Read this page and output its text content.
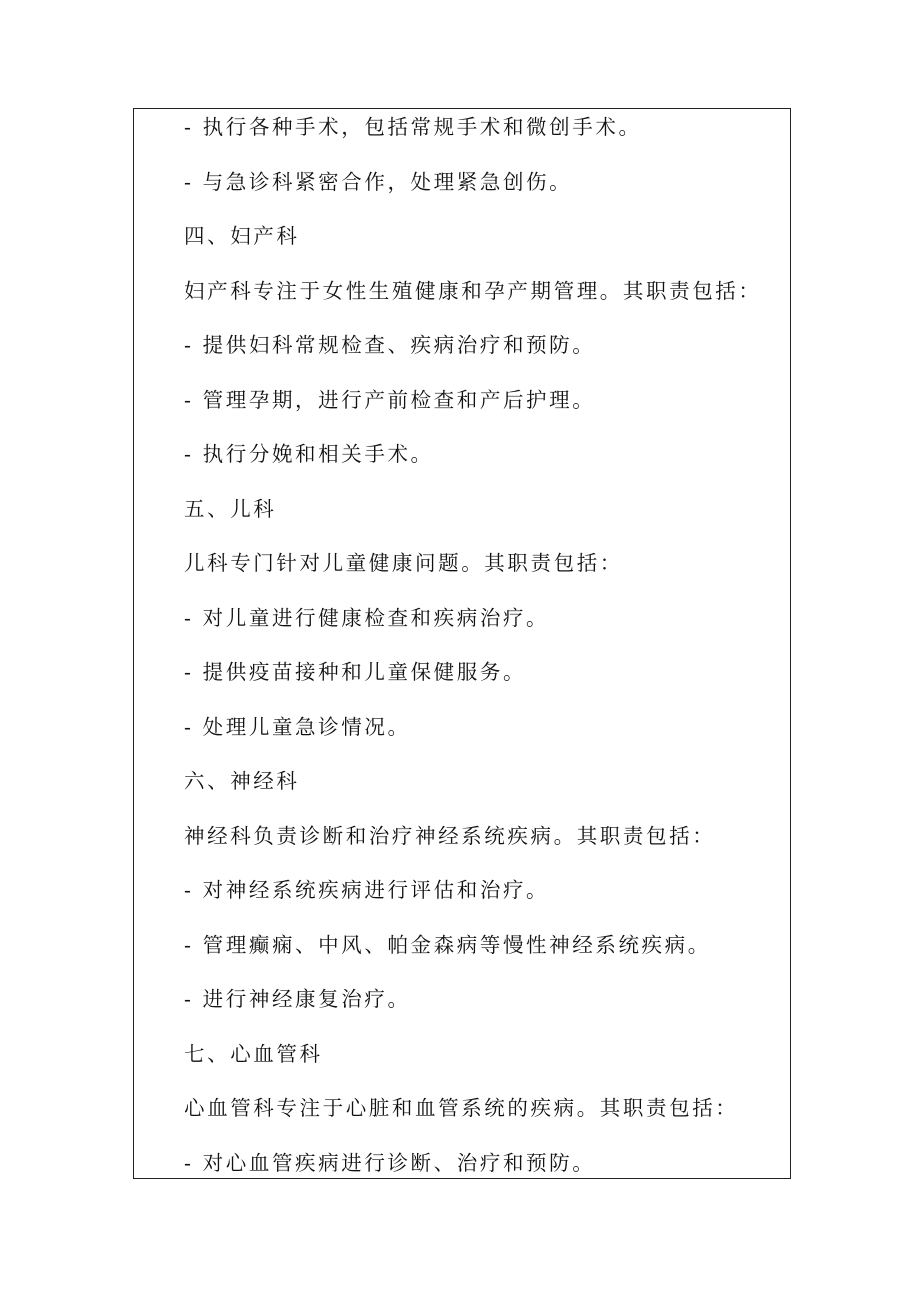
- 执行各种手术，包括常规手术和微创手术。
- 与急诊科紧密合作，处理紧急创伤。
四、妇产科
妇产科专注于女性生殖健康和孕产期管理。其职责包括：
- 提供妇科常规检查、疾病治疗和预防。
- 管理孕期，进行产前检查和产后护理。
- 执行分娩和相关手术。
五、儿科
儿科专门针对儿童健康问题。其职责包括：
- 对儿童进行健康检查和疾病治疗。
- 提供疫苗接种和儿童保健服务。
- 处理儿童急诊情况。
六、神经科
神经科负责诊断和治疗神经系统疾病。其职责包括：
- 对神经系统疾病进行评估和治疗。
- 管理癫痫、中风、帕金森病等慢性神经系统疾病。
- 进行神经康复治疗。
七、心血管科
心血管科专注于心脏和血管系统的疾病。其职责包括：
- 对心血管疾病进行诊断、治疗和预防。
